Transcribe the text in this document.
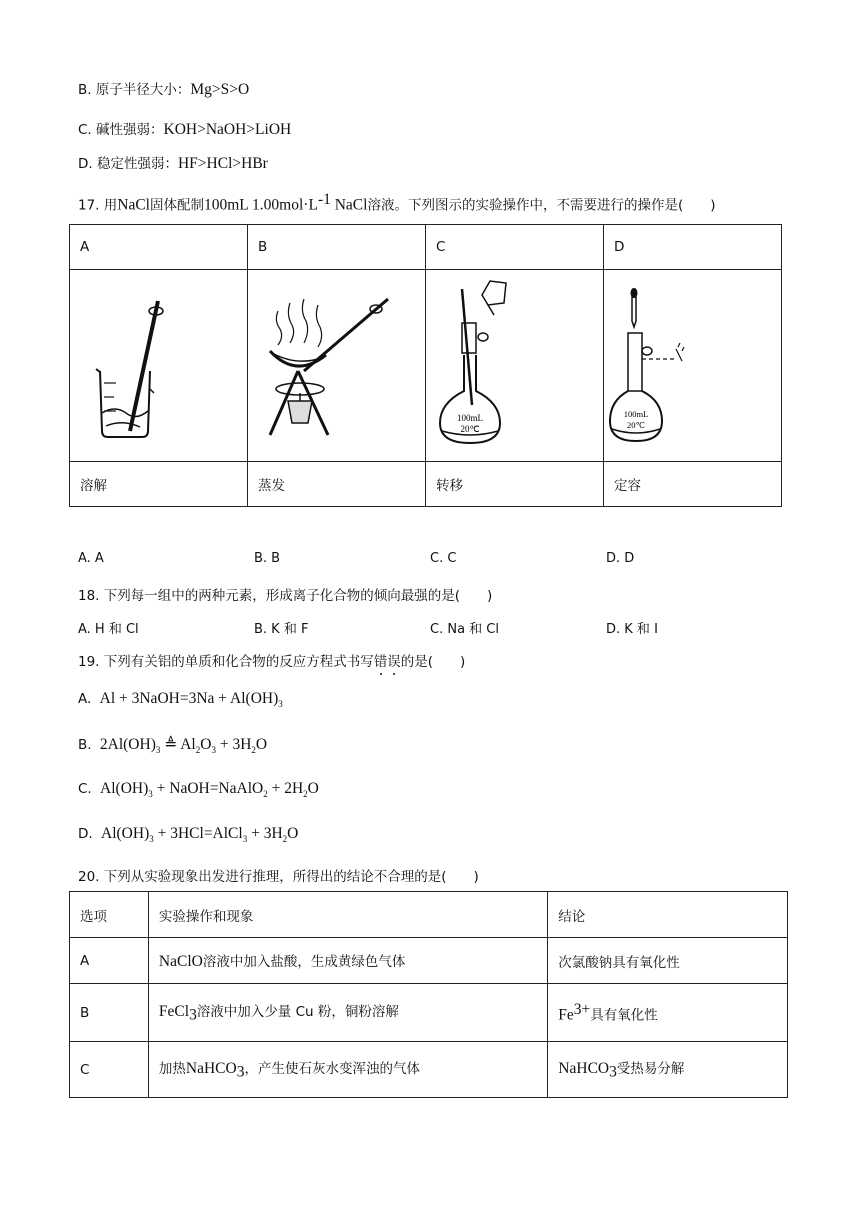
B. 原子半径大小：Mg>S>O
C. 碱性强弱：KOH>NaOH>LiOH
D. 稳定性强弱：HF>HCl>HBr
17. 用NaCl固体配制100mL $1.00mol\cdot L^{-1}$ NaCl溶液。下列图示的实验操作中，不需要进行的操作是(　　)
A	B	C	D

100mL
20℃	100mL
20℃

溶解	蒸发	转移	定容
A. A	B. B	C. C	D. D
18. 下列每一组中的两种元素，形成离子化合物的倾向最强的是(　　)
A. H 和 Cl	B. K 和 F	C. Na 和 Cl	D. K 和 I
19. 下列有关铝的单质和化合物的反应方程式书写错误的是(　　)
A.  Al + 3NaOH=3Na + $Al(OH)_3$
B.  $2Al(OH)_3$ ≜ $Al_2O_3 + 3H_2O$
C.  $Al(OH)_3$ + NaOH=NaAlO$_2$ + $2H_2O$
D.  $Al(OH)_3$ + 3HCl=AlCl$_3$ + $3H_2O$
20. 下列从实验现象出发进行推理，所得出的结论不合理的是(　　)
选项	实验操作和现象	结论
A	NaClO溶液中加入盐酸，生成黄绿色气体	次氯酸钠具有氧化性
B	FeCl$_3$溶液中加入少量 Cu 粉，铜粉溶解	$Fe^{3+}$具有氧化性
C	加热NaHCO$_3$，产生使石灰水变浑浊的气体	NaHCO$_3$受热易分解
